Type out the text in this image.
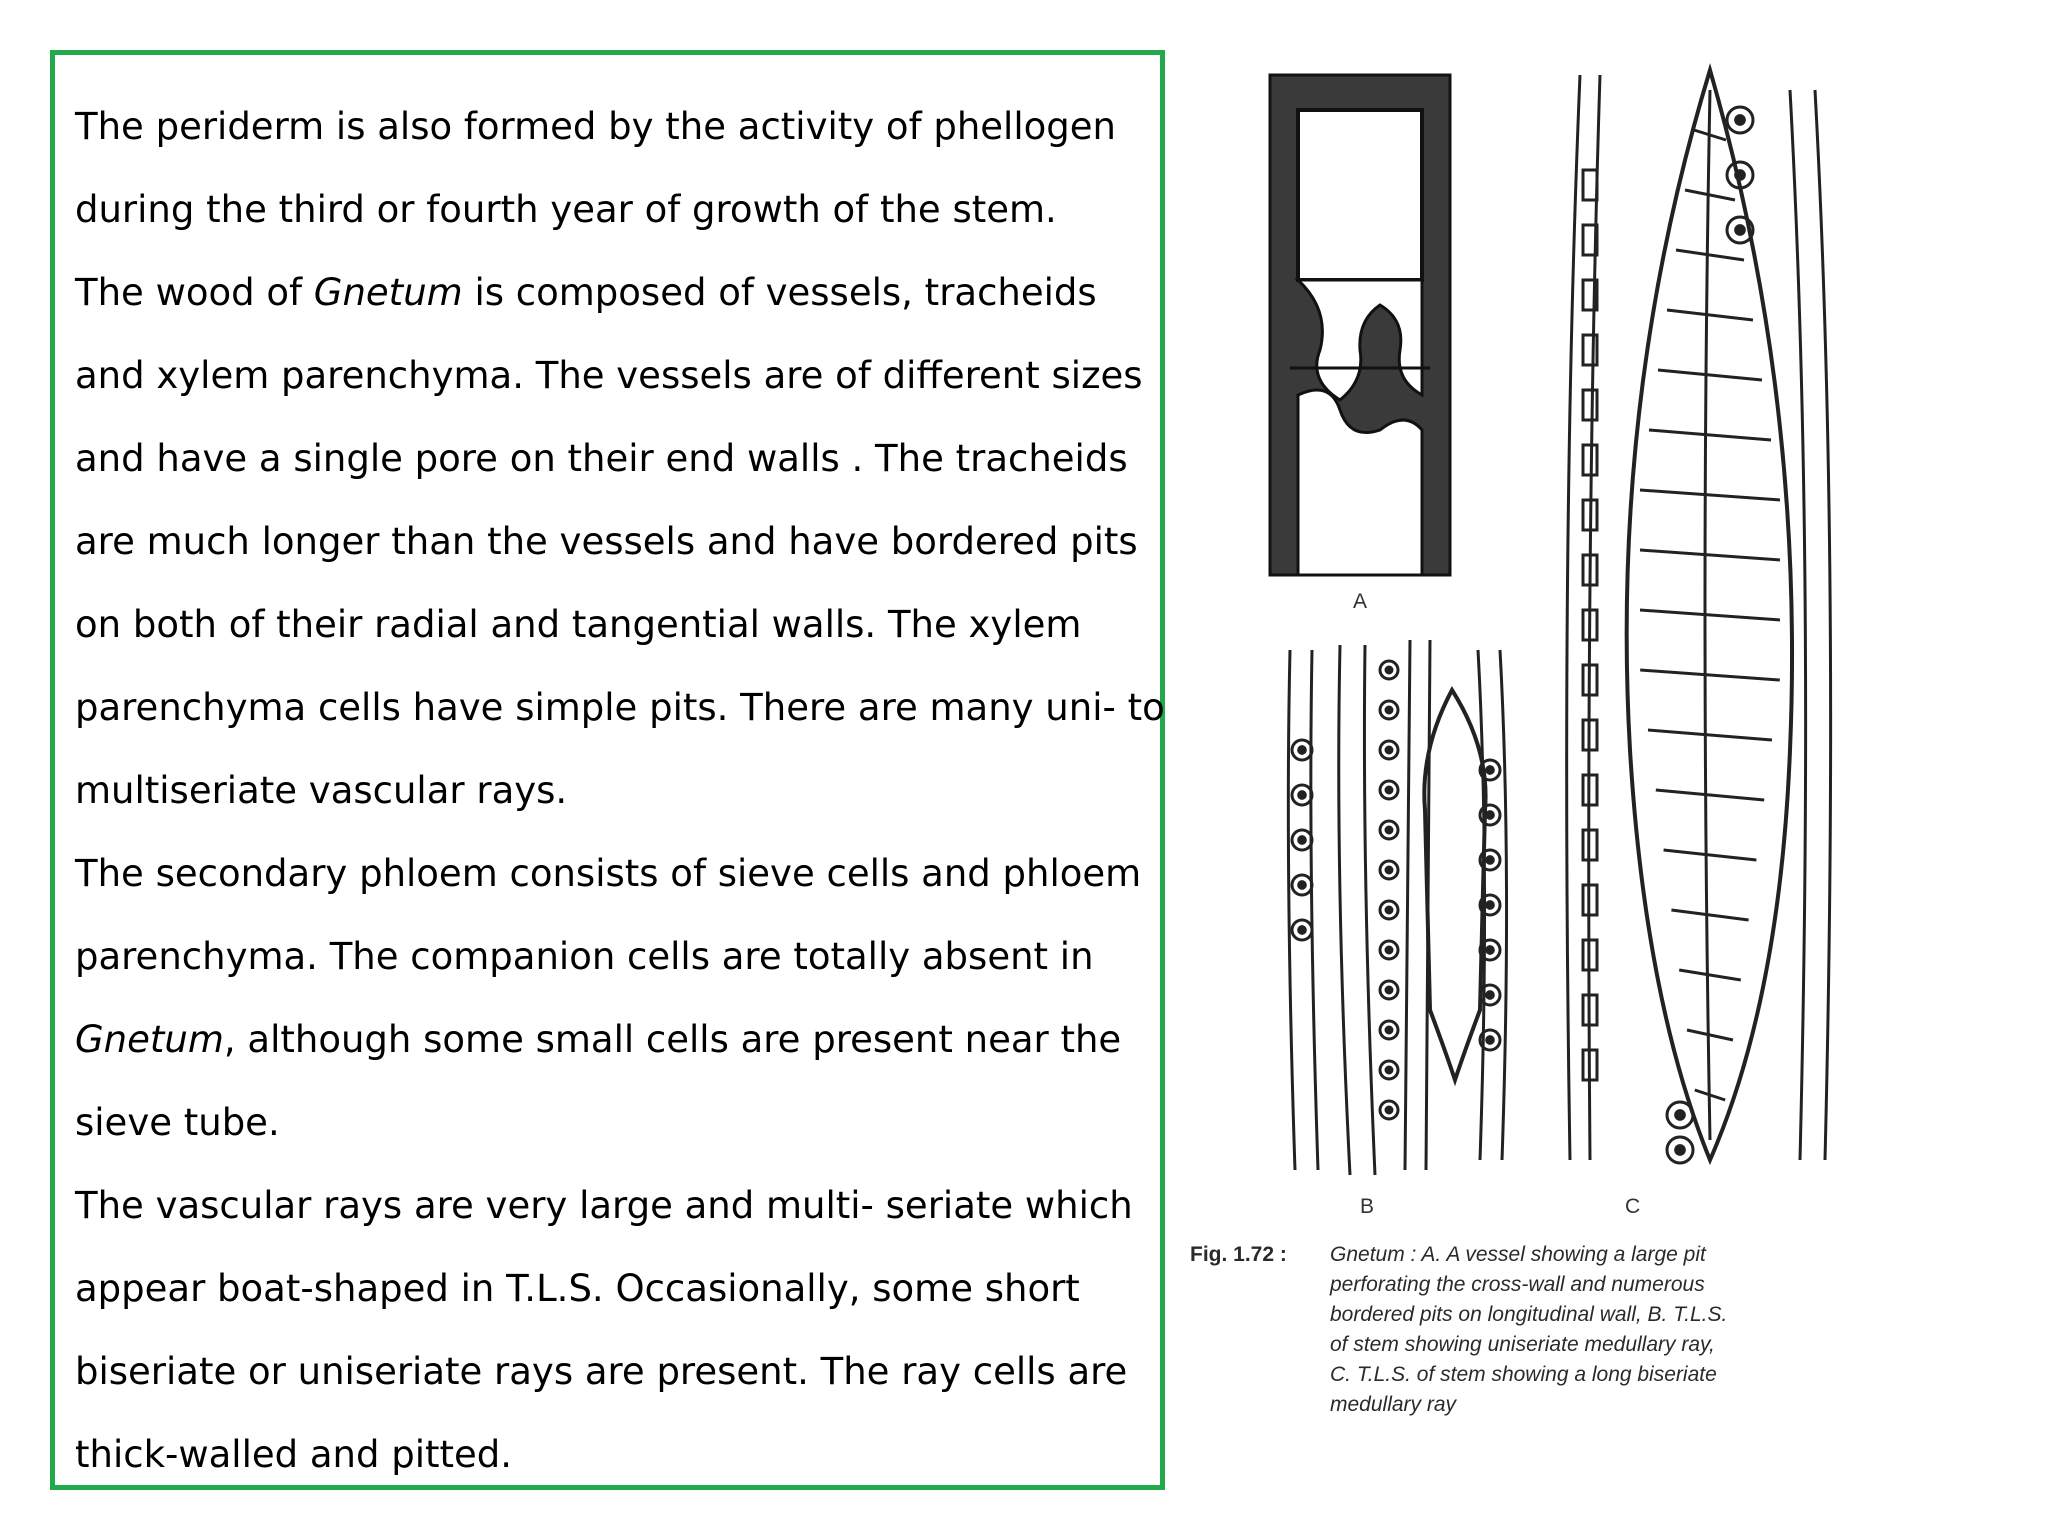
The periderm is also formed by the activity of phellogen
during the third or fourth year of growth of the stem.
The wood of Gnetum is composed of vessels, tracheids
and xylem parenchyma. The vessels are of different sizes
and have a single pore on their end walls . The tracheids
are much longer than the vessels and have bordered pits
on both of their radial and tangential walls. The xylem
parenchyma cells have simple pits. There are many uni- to
multiseriate vascular rays.
The secondary phloem consists of sieve cells and phloem
parenchyma. The companion cells are totally absent in
Gnetum, although some small cells are present near the
sieve tube.
The vascular rays are very large and multi- seriate which
appear boat-shaped in T.L.S. Occasionally, some short
biseriate or uniseriate rays are present. The ray cells are
thick-walled and pitted.
A
B	C
Fig. 1.72 : Gnetum : A. A vessel showing a large pit
perforating the cross-wall and numerous
bordered pits on longitudinal wall, B. T.L.S.
of stem showing uniseriate medullary ray,
C. T.L.S. of stem showing a long biseriate
medullary ray
